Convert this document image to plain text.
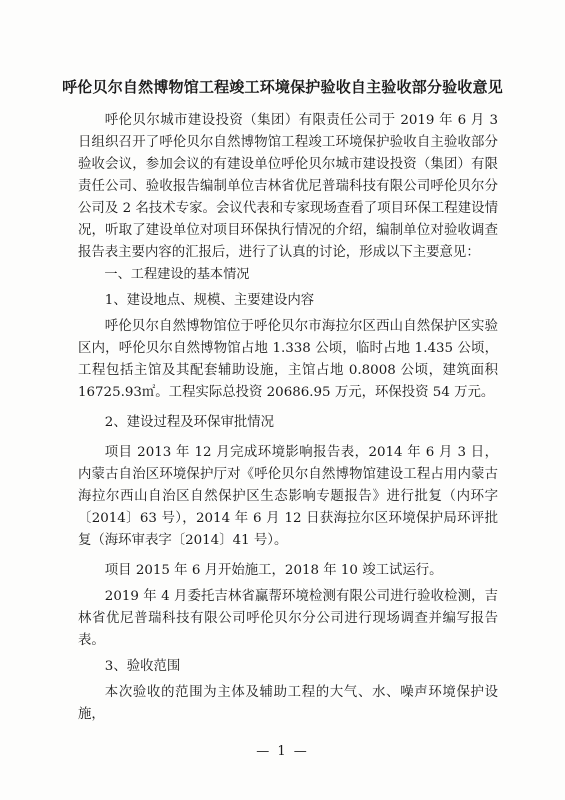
呼伦贝尔自然博物馆工程竣工环境保护验收自主验收部分验收意见

呼伦贝尔城市建设投资（集团）有限责任公司于 2019 年 6 月 3 日组织召开了呼伦贝尔自然博物馆工程竣工环境保护验收自主验收部分验收会议，参加会议的有建设单位呼伦贝尔城市建设投资（集团）有限责任公司、验收报告编制单位吉林省优尼普瑞科技有限公司呼伦贝尔分公司及 2 名技术专家。会议代表和专家现场查看了项目环保工程建设情况，听取了建设单位对项目环保执行情况的介绍，编制单位对验收调查报告表主要内容的汇报后，进行了认真的讨论，形成以下主要意见：

一、工程建设的基本情况

1、建设地点、规模、主要建设内容

呼伦贝尔自然博物馆位于呼伦贝尔市海拉尔区西山自然保护区实验区内，呼伦贝尔自然博物馆占地 1.338 公顷，临时占地 1.435 公顷，工程包括主馆及其配套辅助设施，主馆占地 0.8008 公顷，建筑面积 16725.93㎡。工程实际总投资 20686.95 万元，环保投资 54 万元。

2、建设过程及环保审批情况

项目 2013 年 12 月完成环境影响报告表，2014 年 6 月 3 日，内蒙古自治区环境保护厅对《呼伦贝尔自然博物馆建设工程占用内蒙古海拉尔西山自治区自然保护区生态影响专题报告》进行批复（内环字〔2014〕63 号），2014 年 6 月 12 日获海拉尔区环境保护局环评批复（海环审表字〔2014〕41 号）。

项目 2015 年 6 月开始施工，2018 年 10 竣工试运行。

2019 年 4 月委托吉林省赢帮环境检测有限公司进行验收检测，吉林省优尼普瑞科技有限公司呼伦贝尔分公司进行现场调查并编写报告表。

3、验收范围

本次验收的范围为主体及辅助工程的大气、水、噪声环境保护设施，

— 1 —
